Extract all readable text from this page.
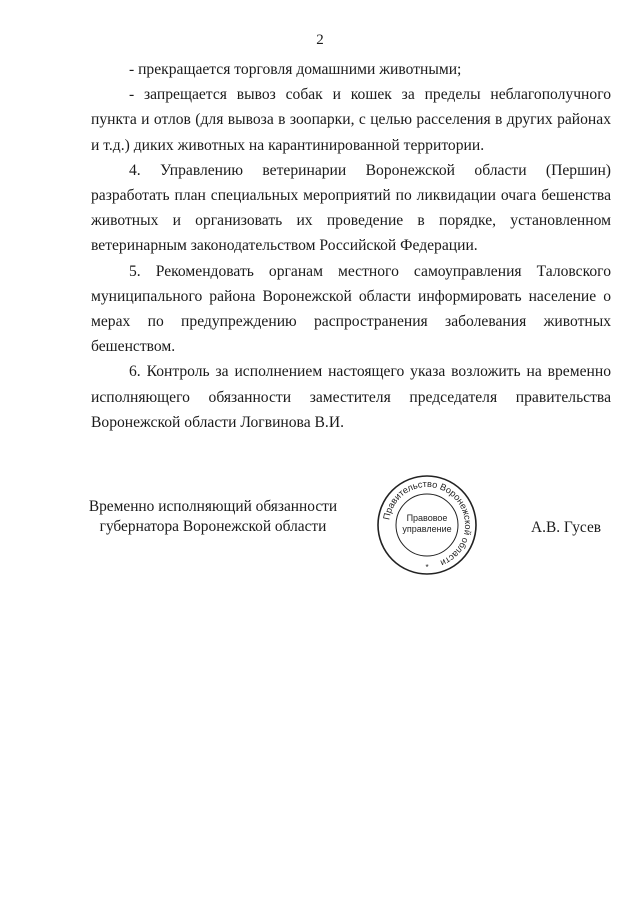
2

- прекращается торговля домашними животными;

- запрещается вывоз собак и кошек за пределы неблагополучного пункта и отлов (для вывоза в зоопарки, с целью расселения в других районах и т.д.) диких животных на карантинированной территории.

4. Управлению ветеринарии Воронежской области (Першин) разработать план специальных мероприятий по ликвидации очага бешенства животных и организовать их проведение в порядке, установленном ветеринарным законодательством Российской Федерации.

5. Рекомендовать органам местного самоуправления Таловского муниципального района Воронежской области информировать население о мерах по предупреждению распространения заболевания животных бешенством.

6. Контроль за исполнением настоящего указа возложить на временно исполняющего обязанности заместителя председателя правительства Воронежской области Логвинова В.И.

Временно исполняющий обязанности
губернатора Воронежской области
Правительство Воронежской области
Правовое
управление
*
А.В. Гусев
